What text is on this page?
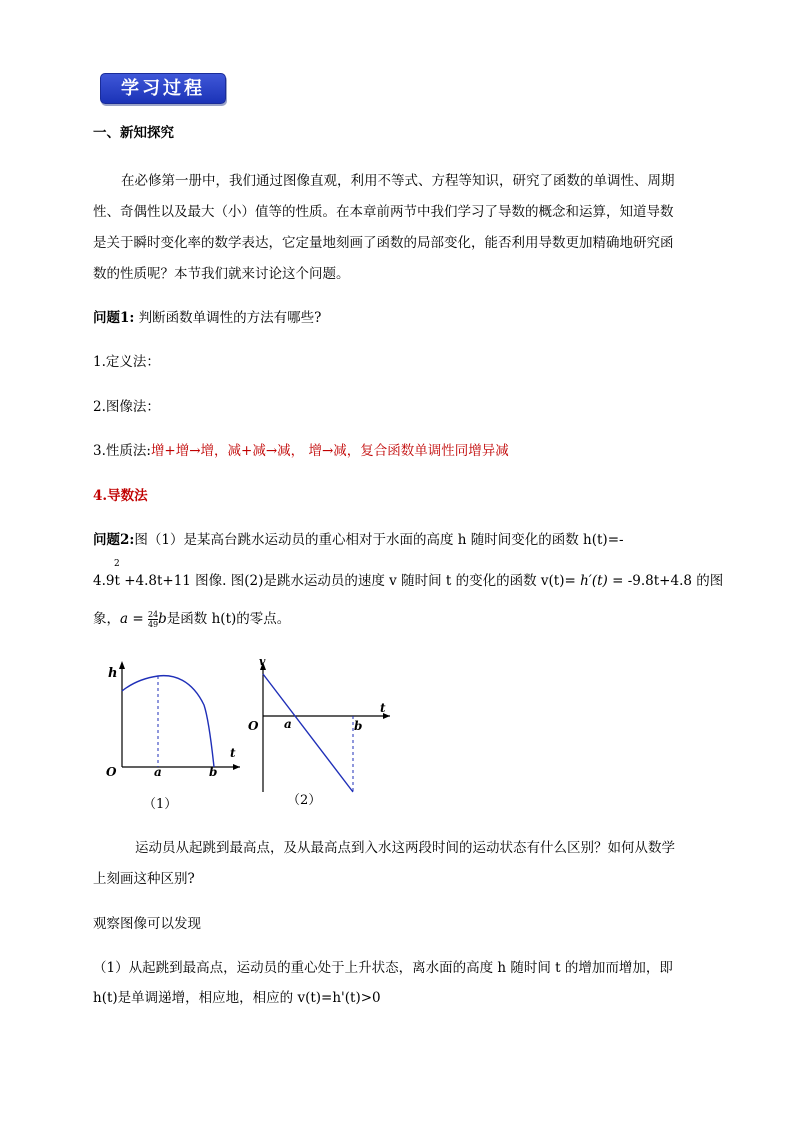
学习过程
一、新知探究
在必修第一册中，我们通过图像直观，利用不等式、方程等知识，研究了函数的单调性、周期
性、奇偶性以及最大（小）值等的性质。在本章前两节中我们学习了导数的概念和运算，知道导数
是关于瞬时变化率的数学表达，它定量地刻画了函数的局部变化，能否利用导数更加精确地研究函
数的性质呢？本节我们就来讨论这个问题。
问题1: 判断函数单调性的方法有哪些?
1.定义法：
2.图像法：
3.性质法:增+增→增，减+减→减， 增→减，复合函数单调性同增异减
4.导数法
问题2:图（1）是某高台跳水运动员的重心相对于水面的高度 h 随时间变化的函数 h(t)=-
2
4.9t +4.8t+11 图像. 图(2)是跳水运动员的速度 v 随时间 t 的变化的函数 v(t)= h′(t) = -9.8t+4.8 的图
象，$a = \frac{24}{49}$ b是函数 h(t)的零点。
h
t
O	a	b
（1）
v
t
O a	b
（2）
运动员从起跳到最高点，及从最高点到入水这两段时间的运动状态有什么区别？如何从数学
上刻画这种区别?
观察图像可以发现
（1）从起跳到最高点，运动员的重心处于上升状态，离水面的高度 h 随时间 t 的增加而增加，即
h(t)是单调递增，相应地，相应的 v(t)=h'(t)>0
